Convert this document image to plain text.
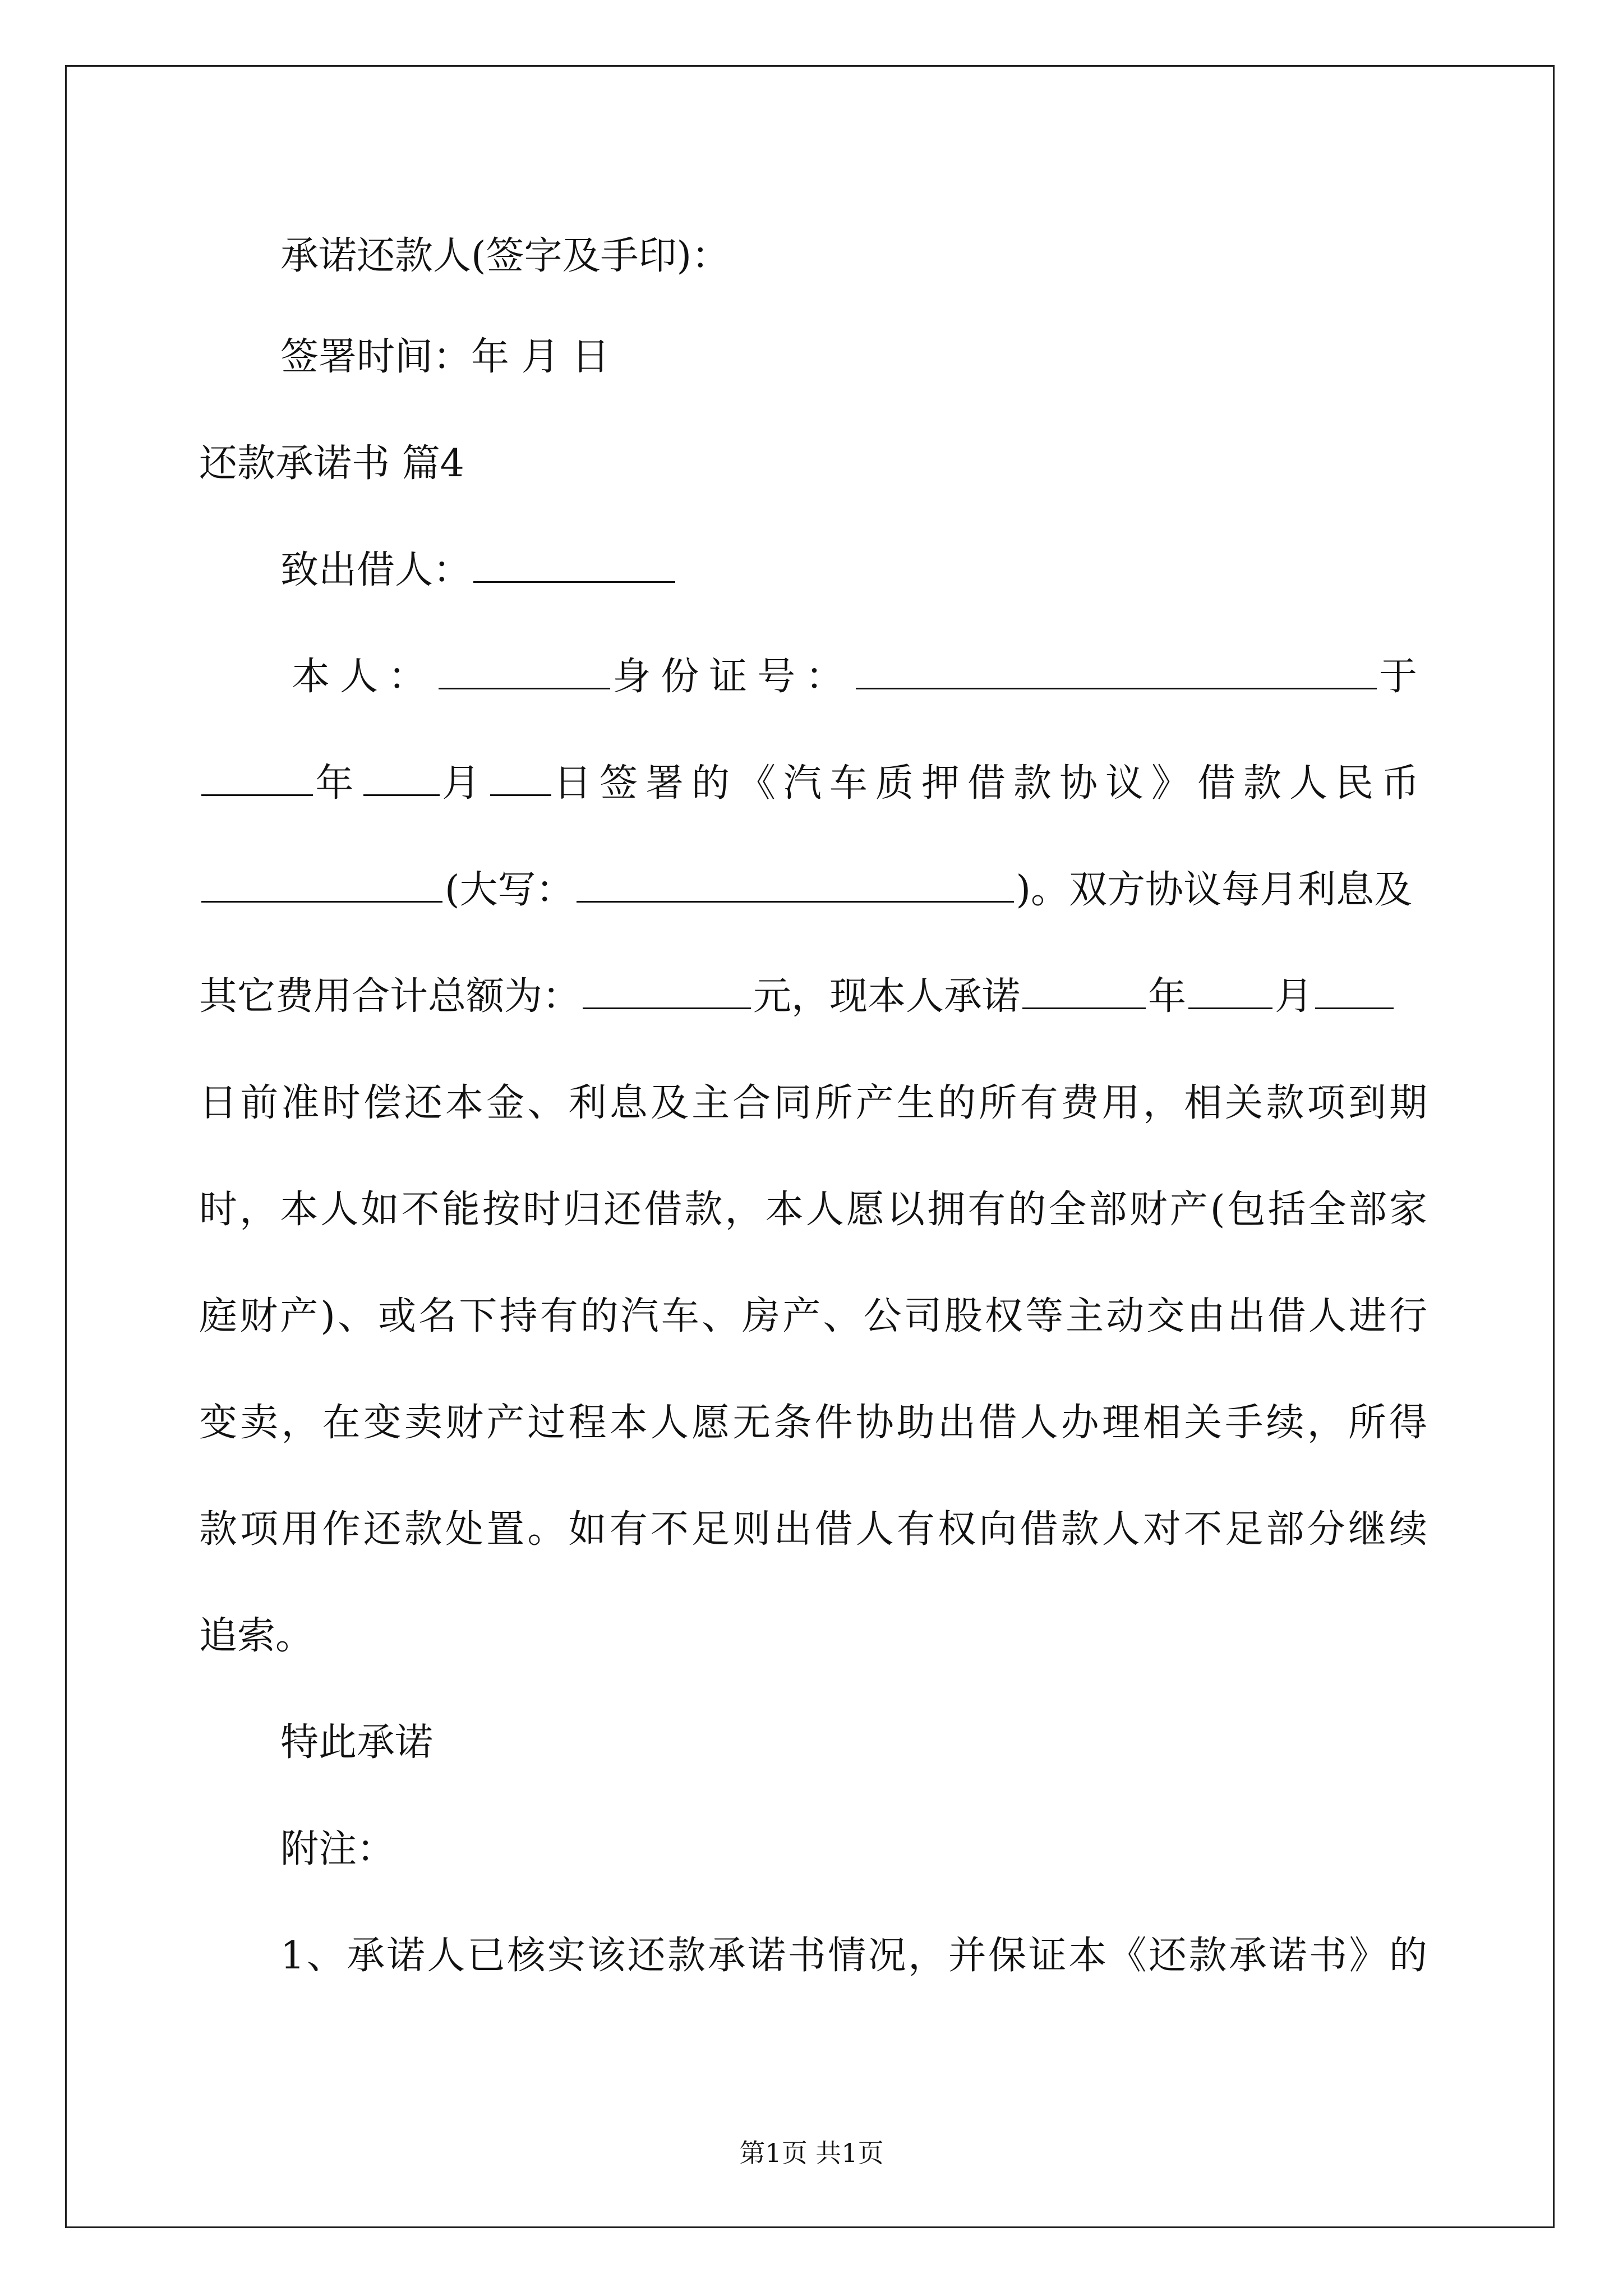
承诺还款人(签字及手印)：
签署时间：年 月 日
还款承诺书 篇4
致出借人：
本人：	身份证号：	于
年 月 日签署的《汽车质押借款协议》借款人民币
(大写：	)。双方协议每月利息及
其它费用合计总额为：	元，现本人承诺	年 月
日前准时偿还本金、利息及主合同所产生的所有费用，相关款项到期
时，本人如不能按时归还借款，本人愿以拥有的全部财产(包括全部家
庭财产)、或名下持有的汽车、房产、公司股权等主动交由出借人进行
变卖，在变卖财产过程本人愿无条件协助出借人办理相关手续，所得
款项用作还款处置。如有不足则出借人有权向借款人对不足部分继续
追索。
特此承诺
附注：
1、承诺人已核实该还款承诺书情况，并保证本《还款承诺书》的
第1页 共1页
